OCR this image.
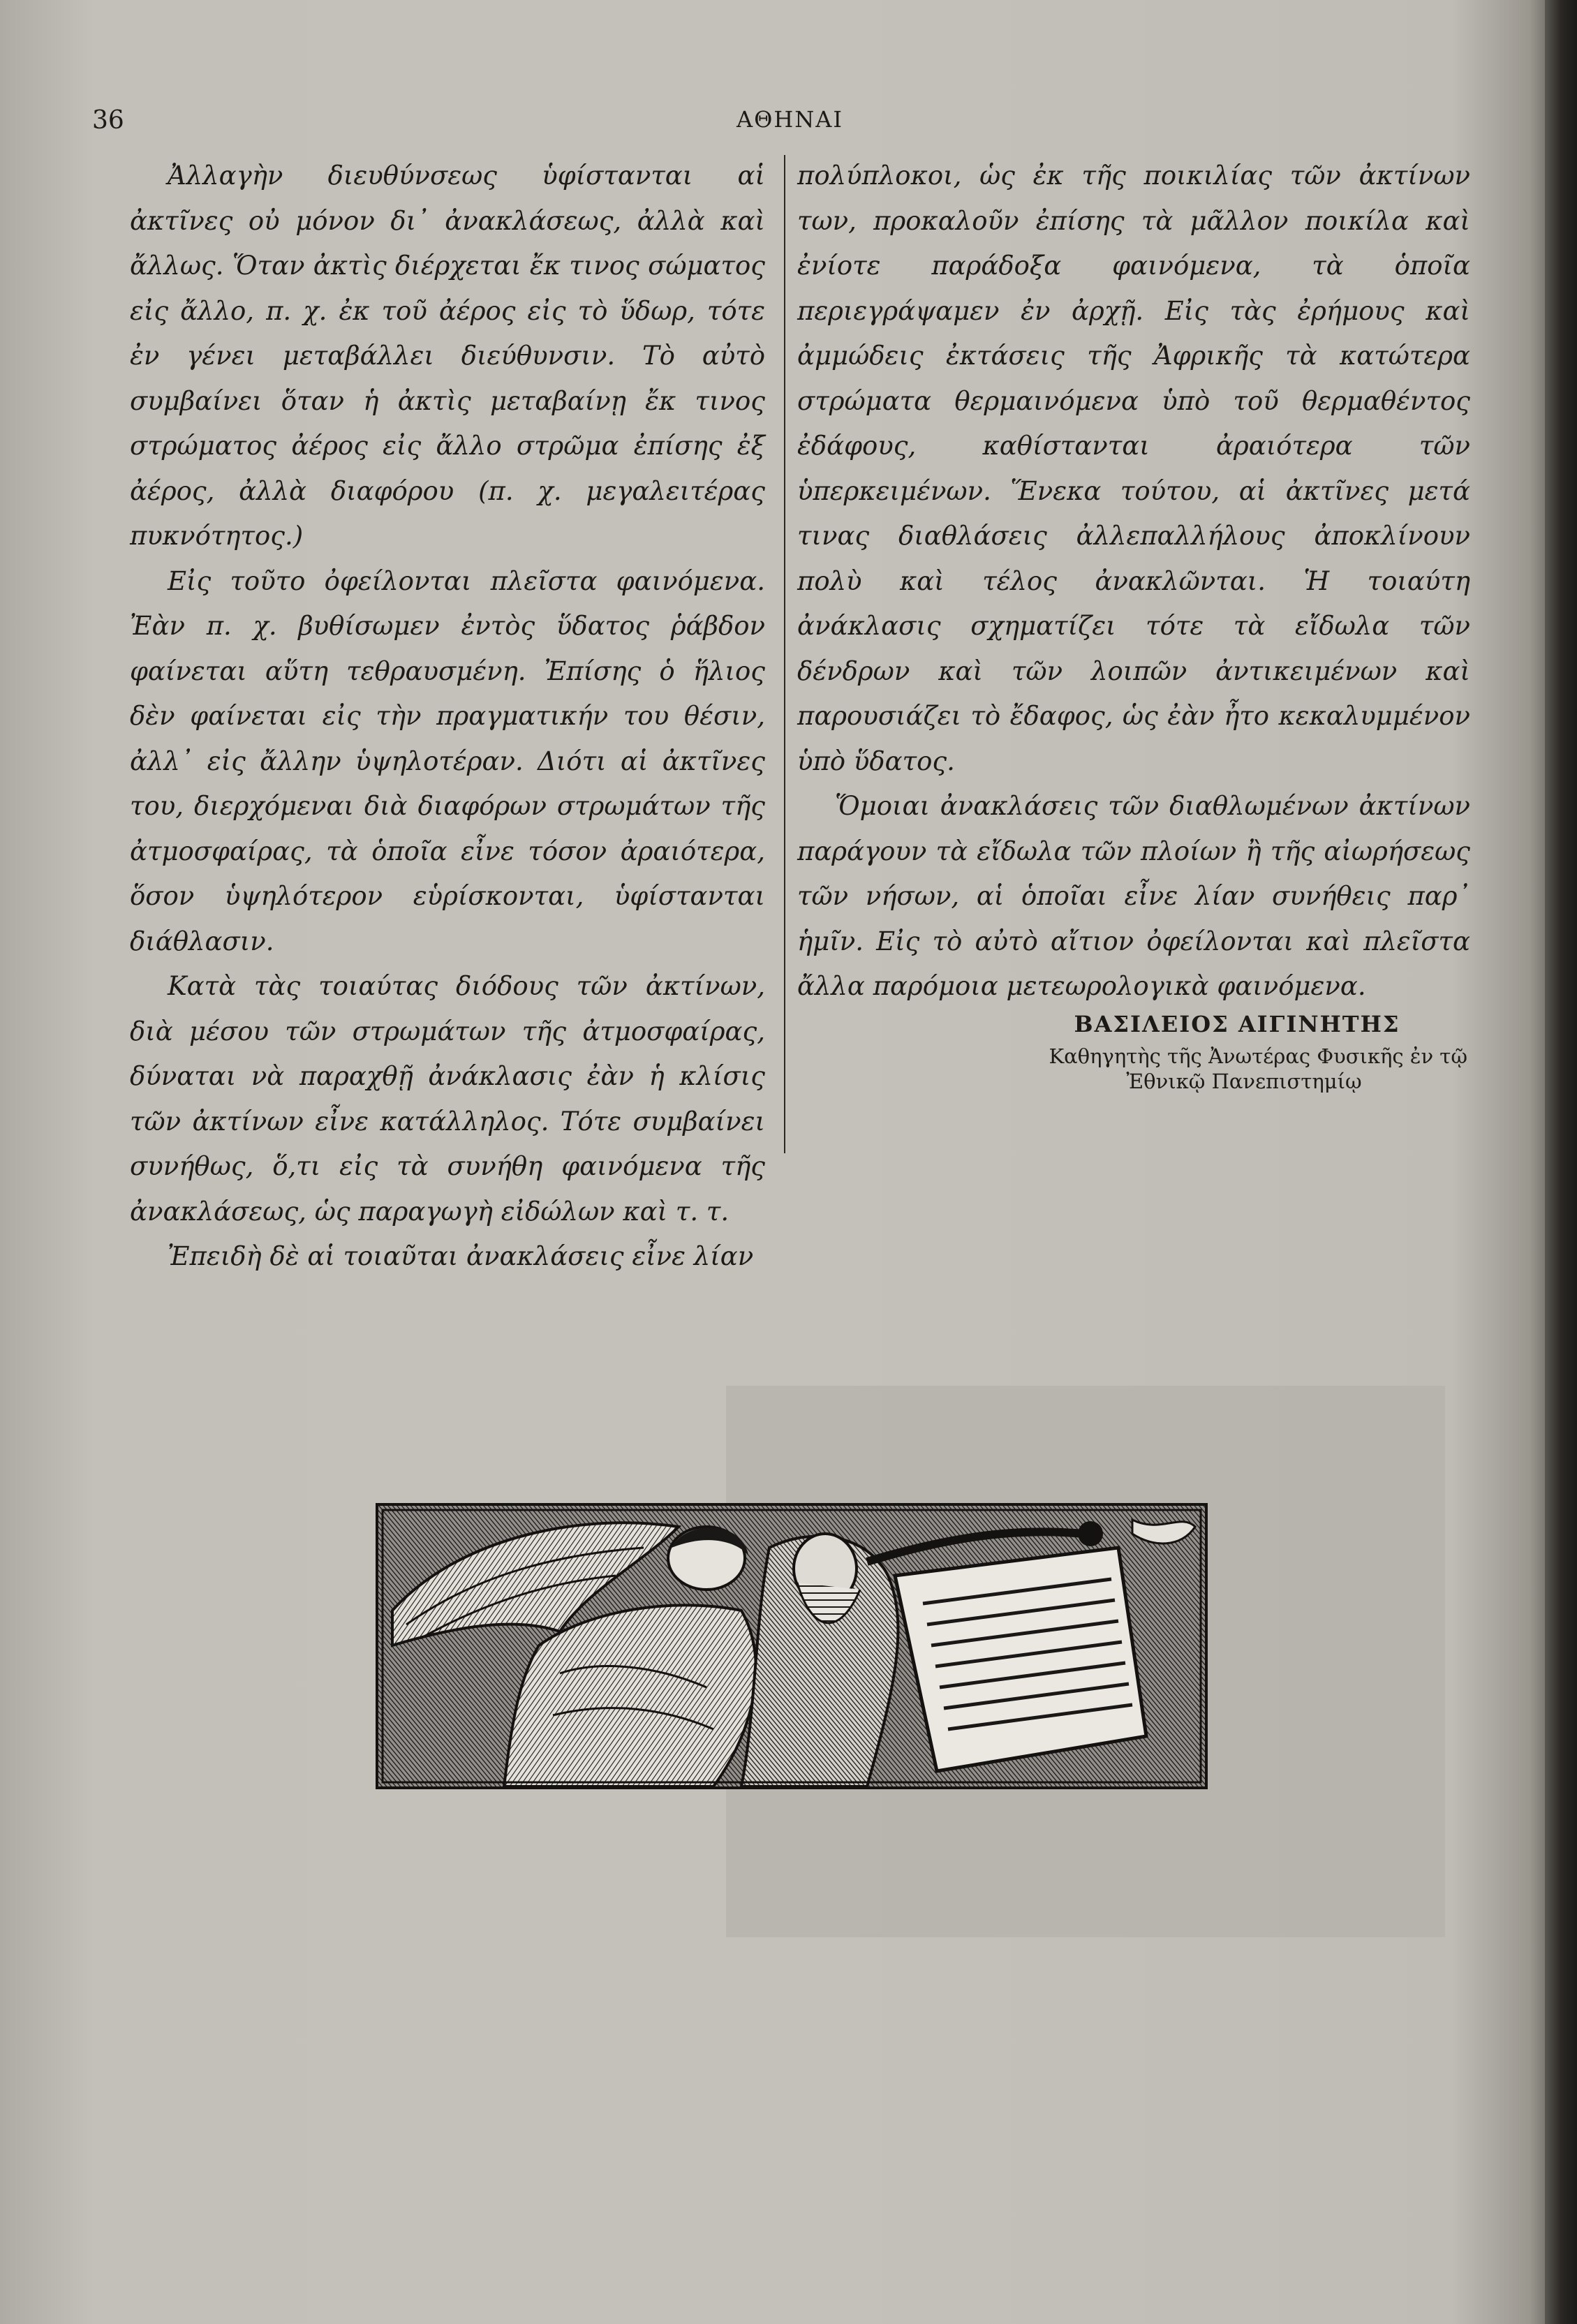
36	ΑΘΗΝΑΙ

Ἀλλαγὴν διευθύνσεως ὑφίστανται αἱ ἀκτῖνες οὐ μόνον δι᾽ ἀνακλάσεως, ἀλλὰ καὶ ἄλλως. Ὅταν ἀκτὶς διέρχεται ἔκ τινος σώματος εἰς ἄλλο, π. χ. ἐκ τοῦ ἀέρος εἰς τὸ ὕδωρ, τότε ἐν γένει μεταβάλλει διεύθυνσιν. Τὸ αὐτὸ συμβαίνει ὅταν ἡ ἀκτὶς μεταβαίνῃ ἔκ τινος στρώματος ἀέρος εἰς ἄλλο στρῶμα ἐπίσης ἐξ ἀέρος, ἀλλὰ διαφόρου (π. χ. μεγαλειτέρας πυκνότητος.)

Εἰς τοῦτο ὀφείλονται πλεῖστα φαινόμενα. Ἐὰν π. χ. βυθίσωμεν ἐντὸς ὕδατος ῥάβδον φαίνεται αὕτη τεθραυσμένη. Ἐπίσης ὁ ἥλιος δὲν φαίνεται εἰς τὴν πραγματικήν του θέσιν, ἀλλ᾽ εἰς ἄλλην ὑψηλοτέραν. Διότι αἱ ἀκτῖνες του, διερχόμεναι διὰ διαφόρων στρωμάτων τῆς ἀτμοσφαίρας, τὰ ὁποῖα εἶνε τόσον ἀραιότερα, ὅσον ὑψηλότερον εὑρίσκονται, ὑφίστανται διάθλασιν.

Κατὰ τὰς τοιαύτας διόδους τῶν ἀκτίνων, διὰ μέσου τῶν στρωμάτων τῆς ἀτμοσφαίρας, δύναται νὰ παραχθῇ ἀνάκλασις ἐὰν ἡ κλίσις τῶν ἀκτίνων εἶνε κατάλληλος. Τότε συμβαίνει συνήθως, ὅ,τι εἰς τὰ συνήθη φαινόμενα τῆς ἀνακλάσεως, ὡς παραγωγὴ εἰδώλων καὶ τ. τ.

Ἐπειδὴ δὲ αἱ τοιαῦται ἀνακλάσεις εἶνε λίαν

πολύπλοκοι, ὡς ἐκ τῆς ποικιλίας τῶν ἀκτίνων των, προκαλοῦν ἐπίσης τὰ μᾶλλον ποικίλα καὶ ἐνίοτε παράδοξα φαινόμενα, τὰ ὁποῖα περιεγράψαμεν ἐν ἀρχῇ. Εἰς τὰς ἐρήμους καὶ ἀμμώδεις ἐκτάσεις τῆς Ἀφρικῆς τὰ κατώτερα στρώματα θερμαινόμενα ὑπὸ τοῦ θερμαθέντος ἐδάφους, καθίστανται ἀραιότερα τῶν ὑπερκειμένων. Ἕνεκα τούτου, αἱ ἀκτῖνες μετά τινας διαθλάσεις ἀλλεπαλλήλους ἀποκλίνουν πολὺ καὶ τέλος ἀνακλῶνται. Ἡ τοιαύτη ἀνάκλασις σχηματίζει τότε τὰ εἴδωλα τῶν δένδρων καὶ τῶν λοιπῶν ἀντικειμένων καὶ παρουσιάζει τὸ ἔδαφος, ὡς ἐὰν ἦτο κεκαλυμμένον ὑπὸ ὕδατος.

Ὅμοιαι ἀνακλάσεις τῶν διαθλωμένων ἀκτίνων παράγουν τὰ εἴδωλα τῶν πλοίων ἢ τῆς αἰωρήσεως τῶν νήσων, αἱ ὁποῖαι εἶνε λίαν συνήθεις παρ᾽ ἡμῖν. Εἰς τὸ αὐτὸ αἴτιον ὀφείλονται καὶ πλεῖστα ἄλλα παρόμοια μετεωρολογικὰ φαινόμενα.

ΒΑΣΙΛΕΙΟΣ ΑΙΓΙΝΗΤΗΣ
Καθηγητὴς τῆς Ἀνωτέρας Φυσικῆς ἐν τῷ
Ἐθνικῷ Πανεπιστημίῳ
